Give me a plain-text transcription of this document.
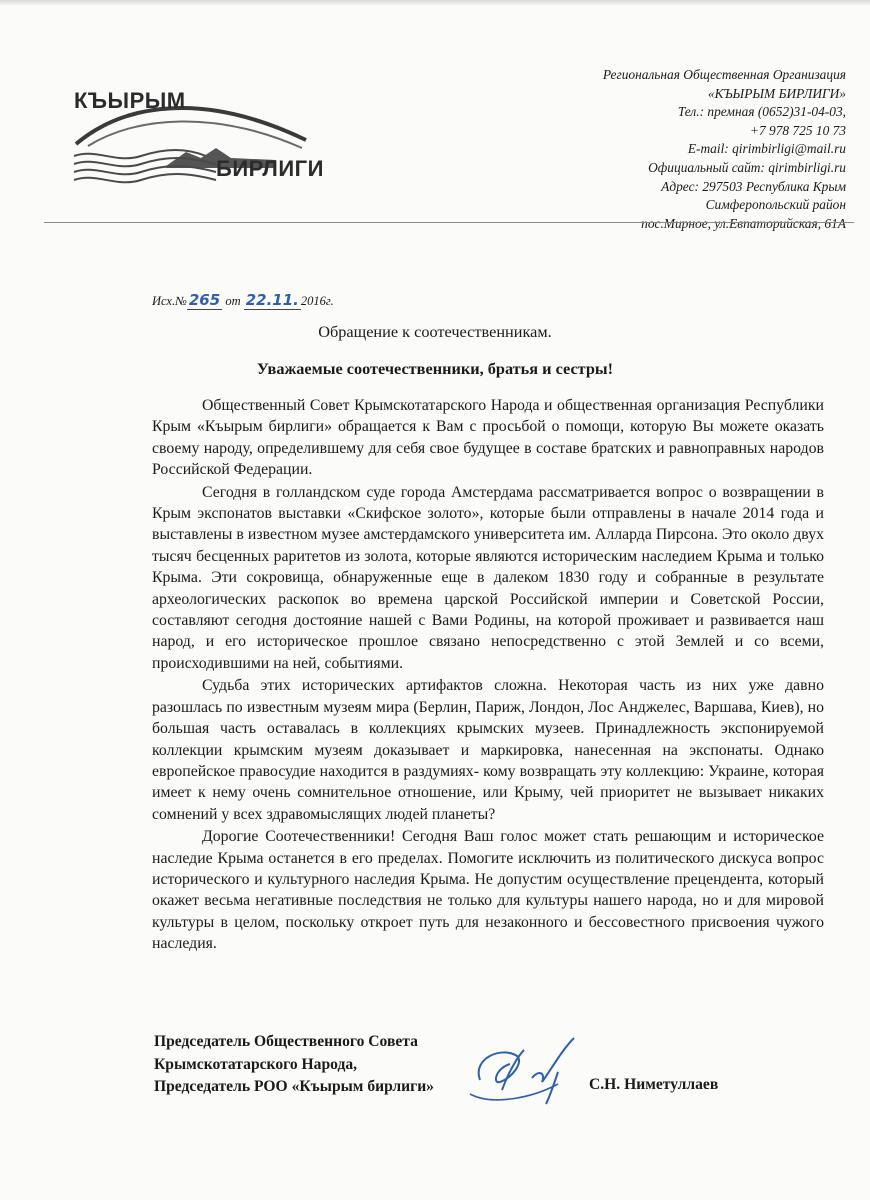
КЪЫРЫМ
БИРЛИГИ
Региональная Общественная Организация
«КЪЫРЫМ БИРЛИГИ»
Тел.: премная (0652)31-04-03,
+7 978 725 10 73
E-mail: qirimbirligi@mail.ru
Официальный сайт: qirimbirligi.ru
Адрес: 297503 Республика Крым
Симферопольский район
пос.Мирное, ул.Евпаторийская, 61А
Исх.№ 265 от 22.11. 2016г.
Обращение к соотечественникам.
Уважаемые соотечественники, братья и сестры!

Общественный Совет Крымскотатарского Народа и общественная организация Республики Крым «Къырым бирлиги» обращается к Вам с просьбой о помощи, которую Вы можете оказать своему народу, определившему для себя свое будущее в составе братских и равноправных народов Российской Федерации.

Сегодня в голландском суде города Амстердама рассматривается вопрос о возвращении в Крым экспонатов выставки «Скифское золото», которые были отправлены в начале 2014 года и выставлены в известном музее амстердамского университета им. Алларда Пирсона. Это около двух тысяч бесценных раритетов из золота, которые являются историческим наследием Крыма и только Крыма. Эти сокровища, обнаруженные еще в далеком 1830 году и собранные в результате археологических раскопок во времена царской Российской империи и Советской России, составляют сегодня достояние нашей с Вами Родины, на которой проживает и развивается наш народ, и его историческое прошлое связано непосредственно с этой Землей и со всеми, происходившими на ней, событиями.

Судьба этих исторических артифактов сложна. Некоторая часть из них уже давно разошлась по известным музеям мира (Берлин, Париж, Лондон, Лос Анджелес, Варшава, Киев), но большая часть оставалась в коллекциях крымских музеев. Принадлежность экспонируемой коллекции крымским музеям доказывает и маркировка, нанесенная на экспонаты. Однако европейское правосудие находится в раздумиях- кому возвращать эту коллекцию: Украине, которая имеет к нему очень сомнительное отношение, или Крыму, чей приоритет не вызывает никаких сомнений у всех здравомыслящих людей планеты?

Дорогие Соотечественники! Сегодня Ваш голос может стать решающим и историческое наследие Крыма останется в его пределах. Помогите исключить из политического дискуса вопрос исторического и культурного наследия Крыма. Не допустим осуществление прецендента, который окажет весьма негативные последствия не только для культуры нашего народа, но и для мировой культуры в целом, поскольку откроет путь для незаконного и бессовестного присвоения чужого наследия.

Председатель Общественного Совета
Крымскотатарского Народа,
Председатель РОО «Къырым бирлиги»	С.Н. Ниметуллаев
